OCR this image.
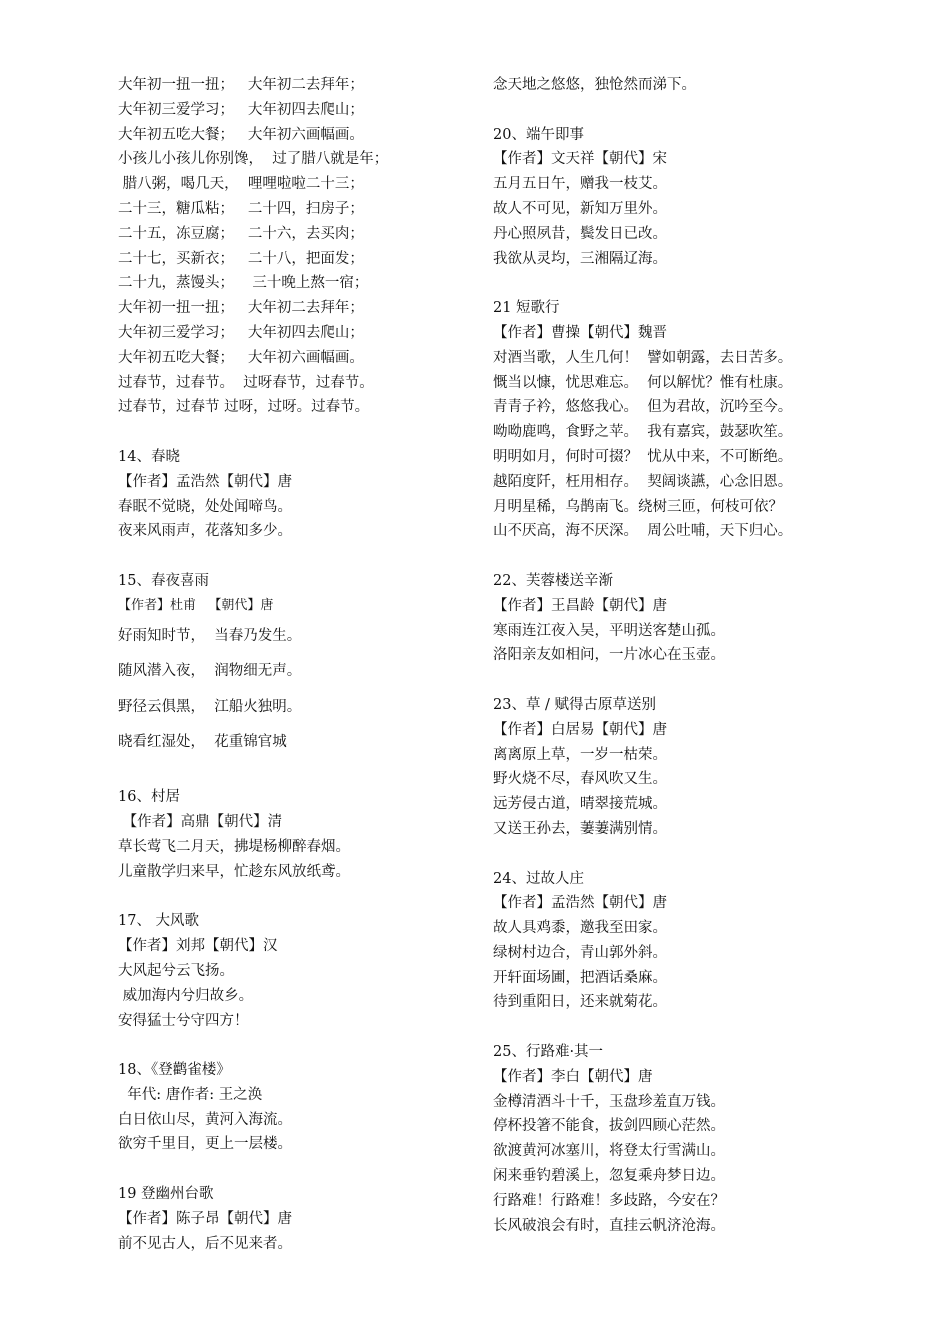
大年初一扭一扭；   大年初二去拜年；
大年初三爱学习；   大年初四去爬山；
大年初五吃大餐；   大年初六画幅画。
小孩儿小孩儿你别馋，  过了腊八就是年；
腊八粥，喝几天，  哩哩啦啦二十三；
二十三，糖瓜粘；   二十四，扫房子；
二十五，冻豆腐；   二十六，去买肉；
二十七，买新衣；   二十八，把面发；
二十九，蒸馒头；    三十晚上熬一宿；
大年初一扭一扭；   大年初二去拜年；
大年初三爱学习；   大年初四去爬山；
大年初五吃大餐；   大年初六画幅画。
过春节，过春节。  过呀春节，过春节。
过春节，过春节 过呀，过呀。过春节。
14、春晓
【作者】孟浩然【朝代】唐
春眠不觉晓，处处闻啼鸟。
夜来风雨声，花落知多少。
15、春夜喜雨
【作者】杜甫   【朝代】唐
好雨知时节，  当春乃发生。
随风潜入夜，  润物细无声。
野径云俱黑，  江船火独明。
晓看红湿处，  花重锦官城
16、村居
【作者】高鼎【朝代】清
草长莺飞二月天，拂堤杨柳醉春烟。
儿童散学归来早，忙趁东风放纸鸢。
17、 大风歌
【作者】刘邦【朝代】汉
大风起兮云飞扬。
威加海内兮归故乡。
安得猛士兮守四方！
18、《登鹳雀楼》
年代: 唐作者: 王之涣
白日依山尽，黄河入海流。
欲穷千里目，更上一层楼。
19 登幽州台歌
【作者】陈子昂【朝代】唐
前不见古人，后不见来者。
念天地之悠悠，独怆然而涕下。
20、端午即事
【作者】文天祥【朝代】宋
五月五日午，赠我一枝艾。
故人不可见，新知万里外。
丹心照夙昔，鬓发日已改。
我欲从灵均，三湘隔辽海。
21 短歌行
【作者】曹操【朝代】魏晋
对酒当歌，人生几何！  譬如朝露，去日苦多。
慨当以慷，忧思难忘。  何以解忧？惟有杜康。
青青子衿，悠悠我心。  但为君故，沉吟至今。
呦呦鹿鸣，食野之苹。  我有嘉宾，鼓瑟吹笙。
明明如月，何时可掇？  忧从中来，不可断绝。
越陌度阡，枉用相存。  契阔谈讌，心念旧恩。
月明星稀，乌鹊南飞。绕树三匝，何枝可依？
山不厌高，海不厌深。  周公吐哺，天下归心。
22、芙蓉楼送辛渐
【作者】王昌龄【朝代】唐
寒雨连江夜入吴，平明送客楚山孤。
洛阳亲友如相问，一片冰心在玉壶。
23、草 / 赋得古原草送别
【作者】白居易【朝代】唐
离离原上草，一岁一枯荣。
野火烧不尽，春风吹又生。
远芳侵古道，晴翠接荒城。
又送王孙去，萋萋满别情。
24、过故人庄
【作者】孟浩然【朝代】唐
故人具鸡黍，邀我至田家。
绿树村边合，青山郭外斜。
开轩面场圃，把酒话桑麻。
待到重阳日，还来就菊花。
25、行路难·其一
【作者】李白【朝代】唐
金樽清酒斗十千，玉盘珍羞直万钱。
停杯投箸不能食，拔剑四顾心茫然。
欲渡黄河冰塞川，将登太行雪满山。
闲来垂钓碧溪上，忽复乘舟梦日边。
行路难！行路难！多歧路，今安在？
长风破浪会有时，直挂云帆济沧海。
